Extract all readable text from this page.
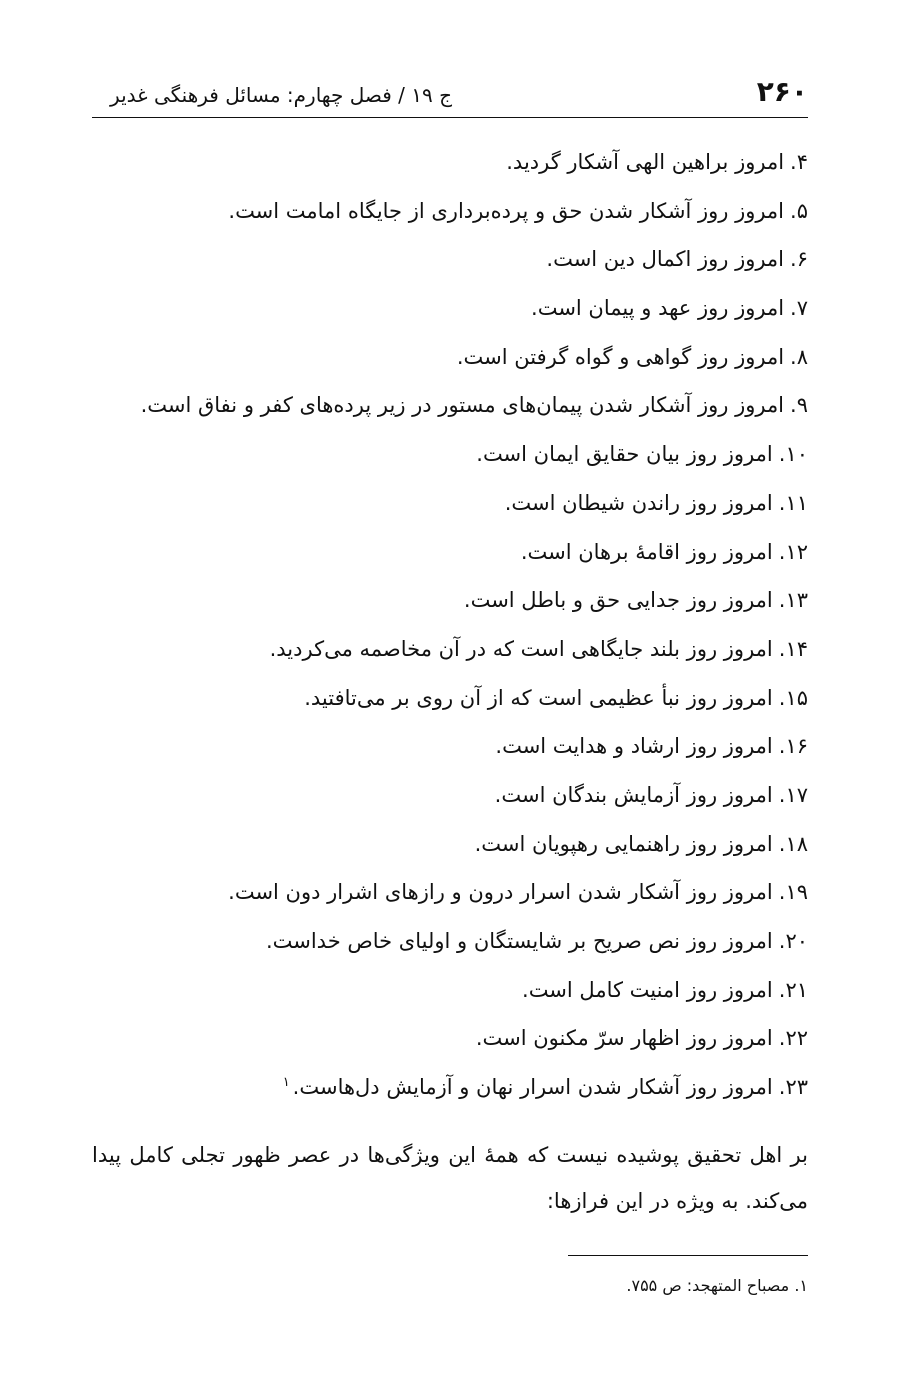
۲۶۰
ج ۱۹ / فصل چهارم: مسائل فرهنگی غدیر
۴.امروز براهین الهی آشکار گردید.
۵.امروز روز آشکار شدن حق و پرده‌برداری از جایگاه امامت است.
۶.امروز روز اکمال دین است.
۷.امروز روز عهد و پیمان است.
۸.امروز روز گواهی و گواه گرفتن است.
۹.امروز روز آشکار شدن پیمان‌های مستور در زیر پرده‌های کفر و نفاق است.
۱۰.امروز روز بیان حقایق ایمان است.
۱۱.امروز روز راندن شیطان است.
۱۲.امروز روز اقامهٔ برهان است.
۱۳.امروز روز جدایی حق و باطل است.
۱۴.امروز روز بلند جایگاهی است که در آن مخاصمه می‌کردید.
۱۵.امروز روز نبأ عظیمی است که از آن روی بر می‌تافتید.
۱۶.امروز روز ارشاد و هدایت است.
۱۷.امروز روز آزمایش بندگان است.
۱۸.امروز روز راهنمایی رهپویان است.
۱۹.امروز روز آشکار شدن اسرار درون و رازهای اشرار دون است.
۲۰.امروز روز نص صریح بر شایستگان و اولیای خاص خداست.
۲۱.امروز روز امنیت کامل است.
۲۲.امروز روز اظهار سرّ مکنون است.
۲۳.امروز روز آشکار شدن اسرار نهان و آزمایش دل‌هاست.$^۱$

بر اهل تحقیق پوشیده نیست که همهٔ این ویژگی‌ها در عصر ظهور تجلی کامل پیدا می‌کند. به ویژه در این فرازها:

۱. مصباح المتهجد: ص ۷۵۵.
